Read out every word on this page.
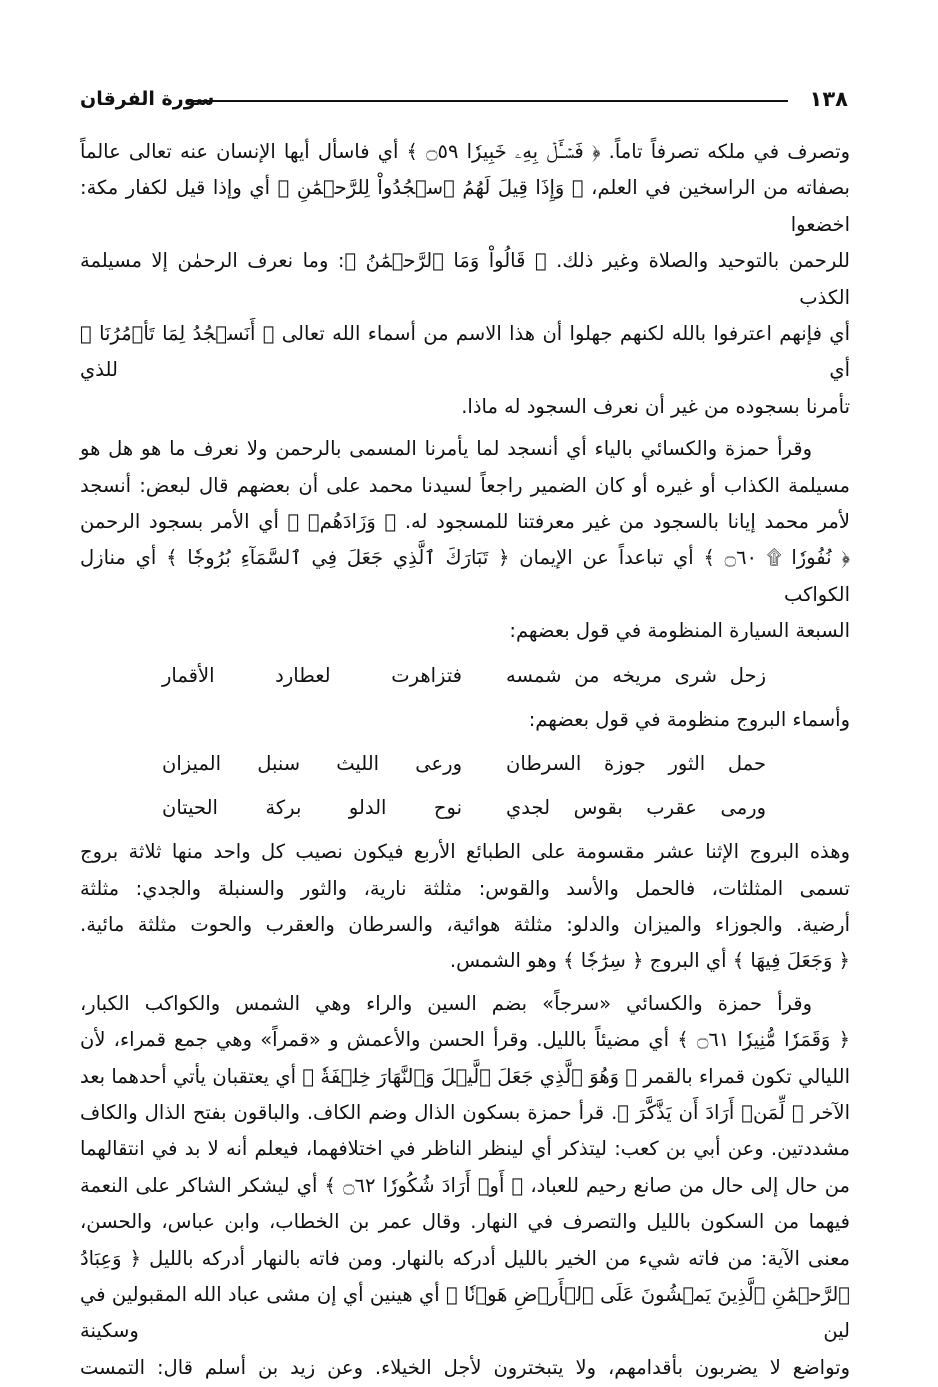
١٣٨
سورة الفرقان

وتصرف في ملكه تصرفاً تاماً. ﴿ فَسۡـَٔلۡ بِهِۦ خَبِيرٗا ۝٥٩ ﴾ أي فاسأل أيها الإنسان عنه تعالى عالماً

بصفاته من الراسخين في العلم، ﴿ وَإِذَا قِيلَ لَهُمُ ٱسۡجُدُواْ لِلرَّحۡمَٰنِ ﴾ أي وإذا قيل لكفار مكة: اخضعوا

للرحمن بالتوحيد والصلاة وغير ذلك. ﴿ قَالُواْ وَمَا ٱلرَّحۡمَٰنُ ﴾: وما نعرف الرحمٰن إلا مسيلمة الكذب

أي فإنهم اعترفوا بالله لكنهم جهلوا أن هذا الاسم من أسماء الله تعالى ﴿ أَنَسۡجُدُ لِمَا تَأۡمُرُنَا ﴾ أي للذي

تأمرنا بسجوده من غير أن نعرف السجود له ماذا.

وقرأ حمزة والكسائي بالياء أي أنسجد لما يأمرنا المسمى بالرحمن ولا نعرف ما هو هل هو

مسيلمة الكذاب أو غيره أو كان الضمير راجعاً لسيدنا محمد على أن بعضهم قال لبعض: أنسجد

لأمر محمد إيانا بالسجود من غير معرفتنا للمسجود له. ﴿ وَزَادَهُمۡ ﴾ أي الأمر بسجود الرحمن

﴿ نُفُورٗا ۩ ۝٦٠ ﴾ أي تباعداً عن الإيمان ﴿ تَبَارَكَ ٱلَّذِي جَعَلَ فِي ٱلسَّمَآءِ بُرُوجٗا ﴾ أي منازل الكواكب

السبعة السيارة المنظومة في قول بعضهم:

زحل شرى مريخه من شمسه
فتزاهرت لعطارد الأقمار

وأسماء البروج منظومة في قول بعضهم:

حمل الثور جوزة السرطان
ورعى الليث سنبل الميزان
ورمى عقرب بقوس لجدي
نوح الدلو بركة الحيتان

وهذه البروج الإثنا عشر مقسومة على الطبائع الأربع فيكون نصيب كل واحد منها ثلاثة بروج

تسمى المثلثات، فالحمل والأسد والقوس: مثلثة نارية، والثور والسنبلة والجدي: مثلثة

أرضية. والجوزاء والميزان والدلو: مثلثة هوائية، والسرطان والعقرب والحوت مثلثة مائية.

﴿ وَجَعَلَ فِيهَا ﴾ أي البروج ﴿ سِرَٰجٗا ﴾ وهو الشمس.

وقرأ حمزة والكسائي «سرجاً» بضم السين والراء وهي الشمس والكواكب الكبار،

﴿ وَقَمَرٗا مُّنِيرٗا ۝٦١ ﴾ أي مضيئاً بالليل. وقرأ الحسن والأعمش و «قمراً» وهي جمع قمراء، لأن

الليالي تكون قمراء بالقمر ﴿ وَهُوَ ٱلَّذِي جَعَلَ ٱلَّيۡلَ وَٱلنَّهَارَ خِلۡفَةٗ ﴾ أي يعتقبان يأتي أحدهما بعد

الآخر ﴿ لِّمَنۡ أَرَادَ أَن يَذَّكَّرَ ﴾. قرأ حمزة بسكون الذال وضم الكاف. والباقون بفتح الذال والكاف

مشددتين. وعن أبي بن كعب: ليتذكر أي لينظر الناظر في اختلافهما، فيعلم أنه لا بد في انتقالهما

من حال إلى حال من صانع رحيم للعباد، ﴿ أَوۡ أَرَادَ شُكُورٗا ۝٦٢ ﴾ أي ليشكر الشاكر على النعمة

فيهما من السكون بالليل والتصرف في النهار. وقال عمر بن الخطاب، وابن عباس، والحسن،

معنى الآية: من فاته شيء من الخير بالليل أدركه بالنهار. ومن فاته بالنهار أدركه بالليل ﴿ وَعِبَادُ

ٱلرَّحۡمَٰنِ ٱلَّذِينَ يَمۡشُونَ عَلَى ٱلۡأَرۡضِ هَوۡنٗا ﴾ أي هينين أي إن مشى عباد الله المقبولين في لين وسكينة

وتواضع لا يضربون بأقدامهم، ولا يتبخترون لأجل الخيلاء. وعن زيد بن أسلم قال: التمست
